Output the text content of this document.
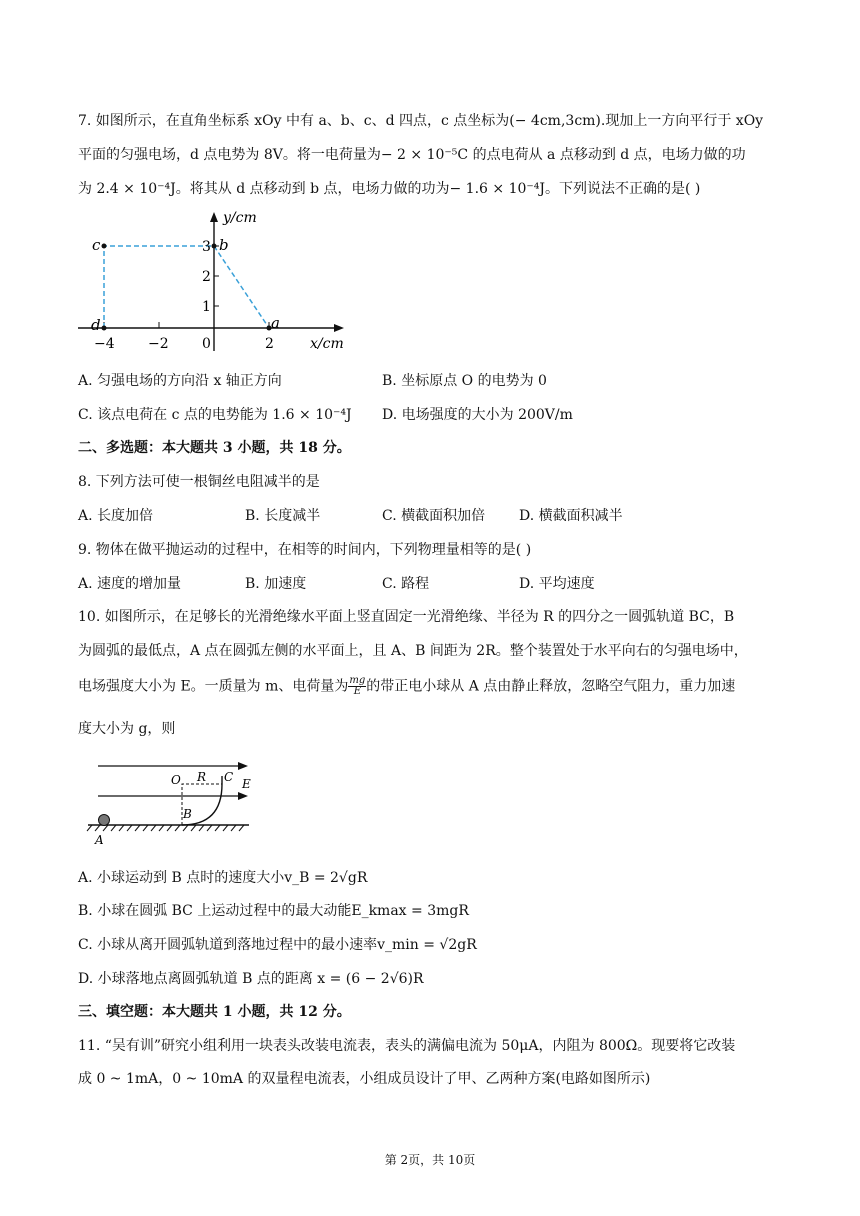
7. 如图所示，在直角坐标系 xOy 中有 a、b、c、d 四点，c 点坐标为(− 4cm,3cm).现加上一方向平行于 xOy
平面的匀强电场，d 点电势为 8V。将一电荷量为− 2 × 10⁻⁵C 的点电荷从 a 点移动到 d 点，电场力做的功
为 2.4 × 10⁻⁴J。将其从 d 点移动到 b 点，电场力做的功为− 1.6 × 10⁻⁴J。下列说法不正确的是( )
c	b
d	a
y/cm
x/cm
−4 −2 0	2
1
2
3
A. 匀强电场的方向沿 x 轴正方向	B. 坐标原点 O 的电势为 0
C. 该点电荷在 c 点的电势能为 1.6 × 10⁻⁴J D. 电场强度的大小为 200V/m
二、多选题：本大题共 3 小题，共 18 分。
8. 下列方法可使一根铜丝电阻减半的是
A. 长度加倍	B. 长度减半	C. 横截面积加倍 D. 横截面积减半
9. 物体在做平抛运动的过程中，在相等的时间内，下列物理量相等的是( )
A. 速度的增加量	B. 加速度	C. 路程	D. 平均速度
10. 如图所示，在足够长的光滑绝缘水平面上竖直固定一光滑绝缘、半径为 R 的四分之一圆弧轨道 BC，B
为圆弧的最低点，A 点在圆弧左侧的水平面上，且 A、B 间距为 2R。整个装置处于水平向右的匀强电场中，
电场强度大小为 E。一质量为 m、电荷量为 $\frac{mg}{E}$ 的带正电小球从 A 点由静止释放，忽略空气阻力，重力加速
度大小为 g，则
O R C E
B
A
A. 小球运动到 B 点时的速度大小v_B = 2√gR
B. 小球在圆弧 BC 上运动过程中的最大动能E_kmax = 3mgR
C. 小球从离开圆弧轨道到落地过程中的最小速率v_min = √2gR
D. 小球落地点离圆弧轨道 B 点的距离 x = (6 − 2√6)R
三、填空题：本大题共 1 小题，共 12 分。
11. “吴有训”研究小组利用一块表头改装电流表，表头的满偏电流为 50μA，内阻为 800Ω。现要将它改装
成 0 ~ 1mA，0 ~ 10mA 的双量程电流表，小组成员设计了甲、乙两种方案(电路如图所示)
第 2页，共 10页
